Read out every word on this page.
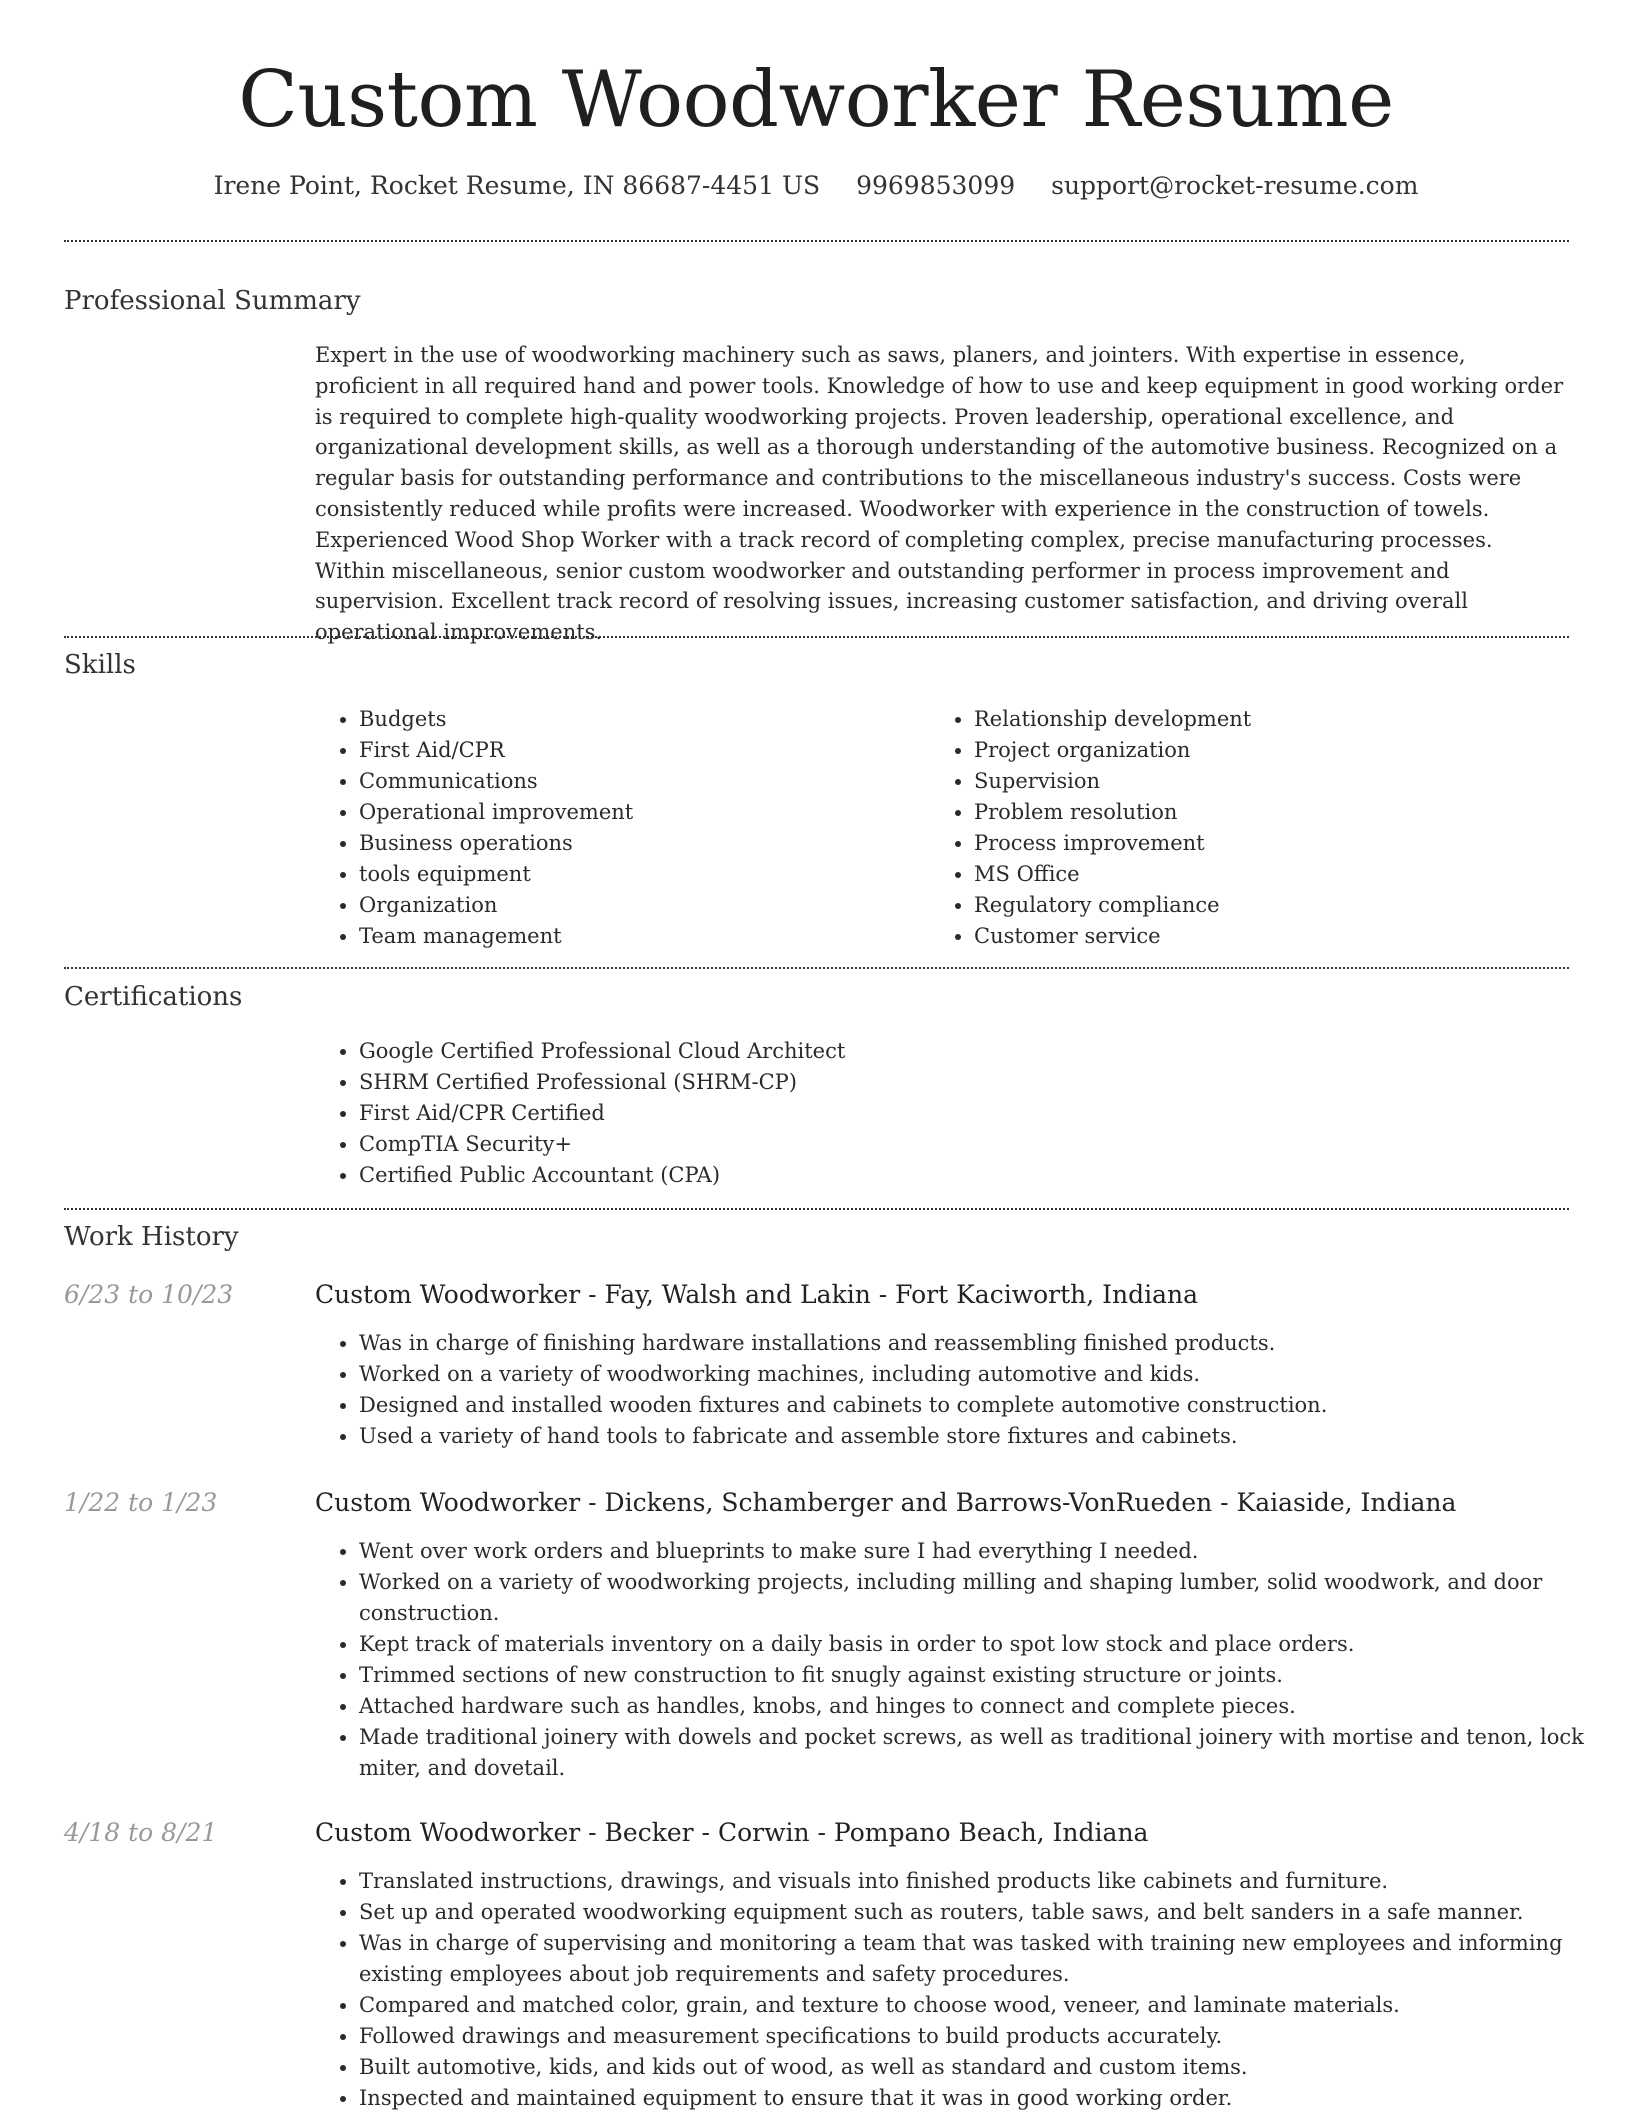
Custom Woodworker Resume
Irene Point, Rocket Resume, IN 86687-4451 US 9969853099 support@rocket-resume.com
Professional Summary

Expert in the use of woodworking machinery such as saws, planers, and jointers. With expertise in essence, proficient in all required hand and power tools. Knowledge of how to use and keep equipment in good working order is required to complete high-quality woodworking projects. Proven leadership, operational excellence, and organizational development skills, as well as a thorough understanding of the automotive business. Recognized on a regular basis for outstanding performance and contributions to the miscellaneous industry's success. Costs were consistently reduced while profits were increased. Woodworker with experience in the construction of towels. Experienced Wood Shop Worker with a track record of completing complex, precise manufacturing processes. Within miscellaneous, senior custom woodworker and outstanding performer in process improvement and supervision. Excellent track record of resolving issues, increasing customer satisfaction, and driving overall operational improvements.

Skills
• Budgets
• First Aid/CPR
• Communications
• Operational improvement
• Business operations
• tools equipment
• Organization
• Team management
• Relationship development
• Project organization
• Supervision
• Problem resolution
• Process improvement
• MS Office
• Regulatory compliance
• Customer service
Certifications
• Google Certified Professional Cloud Architect
• SHRM Certified Professional (SHRM-CP)
• First Aid/CPR Certified
• CompTIA Security+
• Certified Public Accountant (CPA)
Work History
6/23 to 10/23	Custom Woodworker - Fay, Walsh and Lakin - Fort Kaciworth, Indiana
• Was in charge of finishing hardware installations and reassembling finished products.
• Worked on a variety of woodworking machines, including automotive and kids.
• Designed and installed wooden fixtures and cabinets to complete automotive construction.
• Used a variety of hand tools to fabricate and assemble store fixtures and cabinets.
1/22 to 1/23	Custom Woodworker - Dickens, Schamberger and Barrows-VonRueden - Kaiaside, Indiana
• Went over work orders and blueprints to make sure I had everything I needed.
• Worked on a variety of woodworking projects, including milling and shaping lumber, solid woodwork, and door construction.
• Kept track of materials inventory on a daily basis in order to spot low stock and place orders.
• Trimmed sections of new construction to fit snugly against existing structure or joints.
• Attached hardware such as handles, knobs, and hinges to connect and complete pieces.
• Made traditional joinery with dowels and pocket screws, as well as traditional joinery with mortise and tenon, lock miter, and dovetail.
4/18 to 8/21	Custom Woodworker - Becker - Corwin - Pompano Beach, Indiana
• Translated instructions, drawings, and visuals into finished products like cabinets and furniture.
• Set up and operated woodworking equipment such as routers, table saws, and belt sanders in a safe manner.
• Was in charge of supervising and monitoring a team that was tasked with training new employees and informing existing employees about job requirements and safety procedures.
• Compared and matched color, grain, and texture to choose wood, veneer, and laminate materials.
• Followed drawings and measurement specifications to build products accurately.
• Built automotive, kids, and kids out of wood, as well as standard and custom items.
• Inspected and maintained equipment to ensure that it was in good working order.
